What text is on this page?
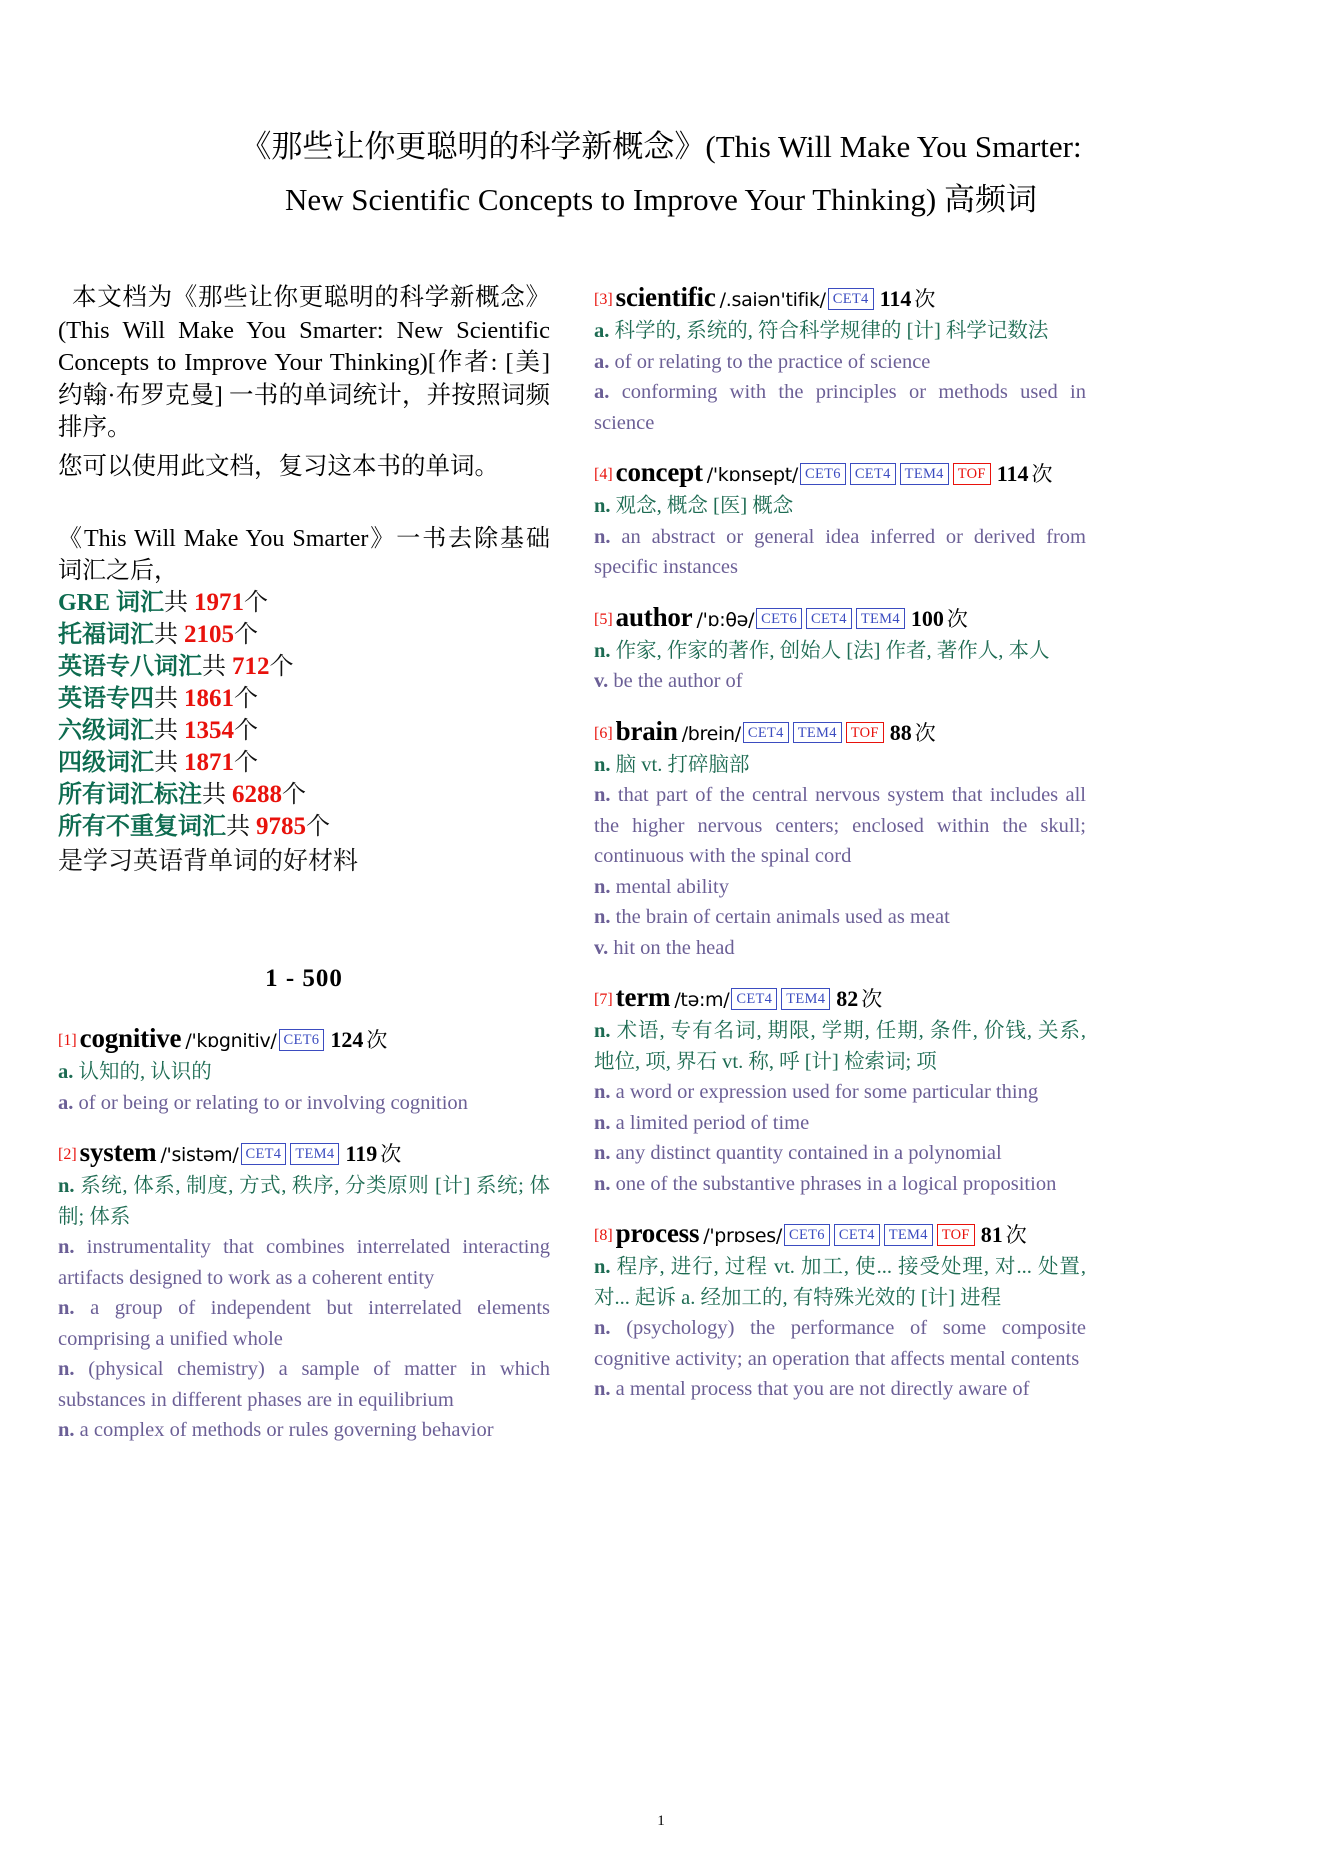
《那些让你更聪明的科学新概念》(This Will Make You Smarter:
New Scientific Concepts to Improve Your Thinking) 高频词

本文档为《那些让你更聪明的科学新概念》(This Will Make You Smarter: New Scientific Concepts to Improve Your Thinking)[作者: [美] 约翰·布罗克曼] 一书的单词统计，并按照词频排序。

您可以使用此文档，复习这本书的单词。

《This Will Make You Smarter》一书去除基础词汇之后，
GRE 词汇共 1971个
托福词汇共 2105个
英语专八词汇共 712个
英语专四共 1861个
六级词汇共 1354个
四级词汇共 1871个
所有词汇标注共 6288个
所有不重复词汇共 9785个
是学习英语背单词的好材料
1 - 500
[1] cognitive /'kɒgnitiv/ CET6 124 次

a. 认知的, 认识的

a. of or being or relating to or involving cognition

[2] system /'sistəm/ CET4 TEM4 119 次

n. 系统, 体系, 制度, 方式, 秩序, 分类原则 [计] 系统; 体制; 体系

n. instrumentality that combines interrelated interacting artifacts designed to work as a coherent entity

n. a group of independent but interrelated elements comprising a unified whole

n. (physical chemistry) a sample of matter in which substances in different phases are in equilibrium

n. a complex of methods or rules governing behavior

[3] scientific /.saiən'tifik/ CET4 114 次

a. 科学的, 系统的, 符合科学规律的 [计] 科学记数法

a. of or relating to the practice of science

a. conforming with the principles or methods used in science

[4] concept /'kɒnsept/ CET6 CET4 TEM4 TOF 114 次

n. 观念, 概念 [医] 概念

n. an abstract or general idea inferred or derived from specific instances

[5] author /'ɒ:θə/ CET6 CET4 TEM4 100 次

n. 作家, 作家的著作, 创始人 [法] 作者, 著作人, 本人

v. be the author of

[6] brain /brein/ CET4 TEM4 TOF 88 次

n. 脑 vt. 打碎脑部

n. that part of the central nervous system that includes all the higher nervous centers; enclosed within the skull; continuous with the spinal cord

n. mental ability

n. the brain of certain animals used as meat

v. hit on the head

[7] term /tə:m/ CET4 TEM4 82 次

n. 术语, 专有名词, 期限, 学期, 任期, 条件, 价钱, 关系, 地位, 项, 界石 vt. 称, 呼 [计] 检索词; 项

n. a word or expression used for some particular thing

n. a limited period of time

n. any distinct quantity contained in a polynomial

n. one of the substantive phrases in a logical proposition

[8] process /'prɒses/ CET6 CET4 TEM4 TOF 81 次

n. 程序, 进行, 过程 vt. 加工, 使... 接受处理, 对... 处置, 对... 起诉 a. 经加工的, 有特殊光效的 [计] 进程

n. (psychology) the performance of some composite cognitive activity; an operation that affects mental contents

n. a mental process that you are not directly aware of

1
